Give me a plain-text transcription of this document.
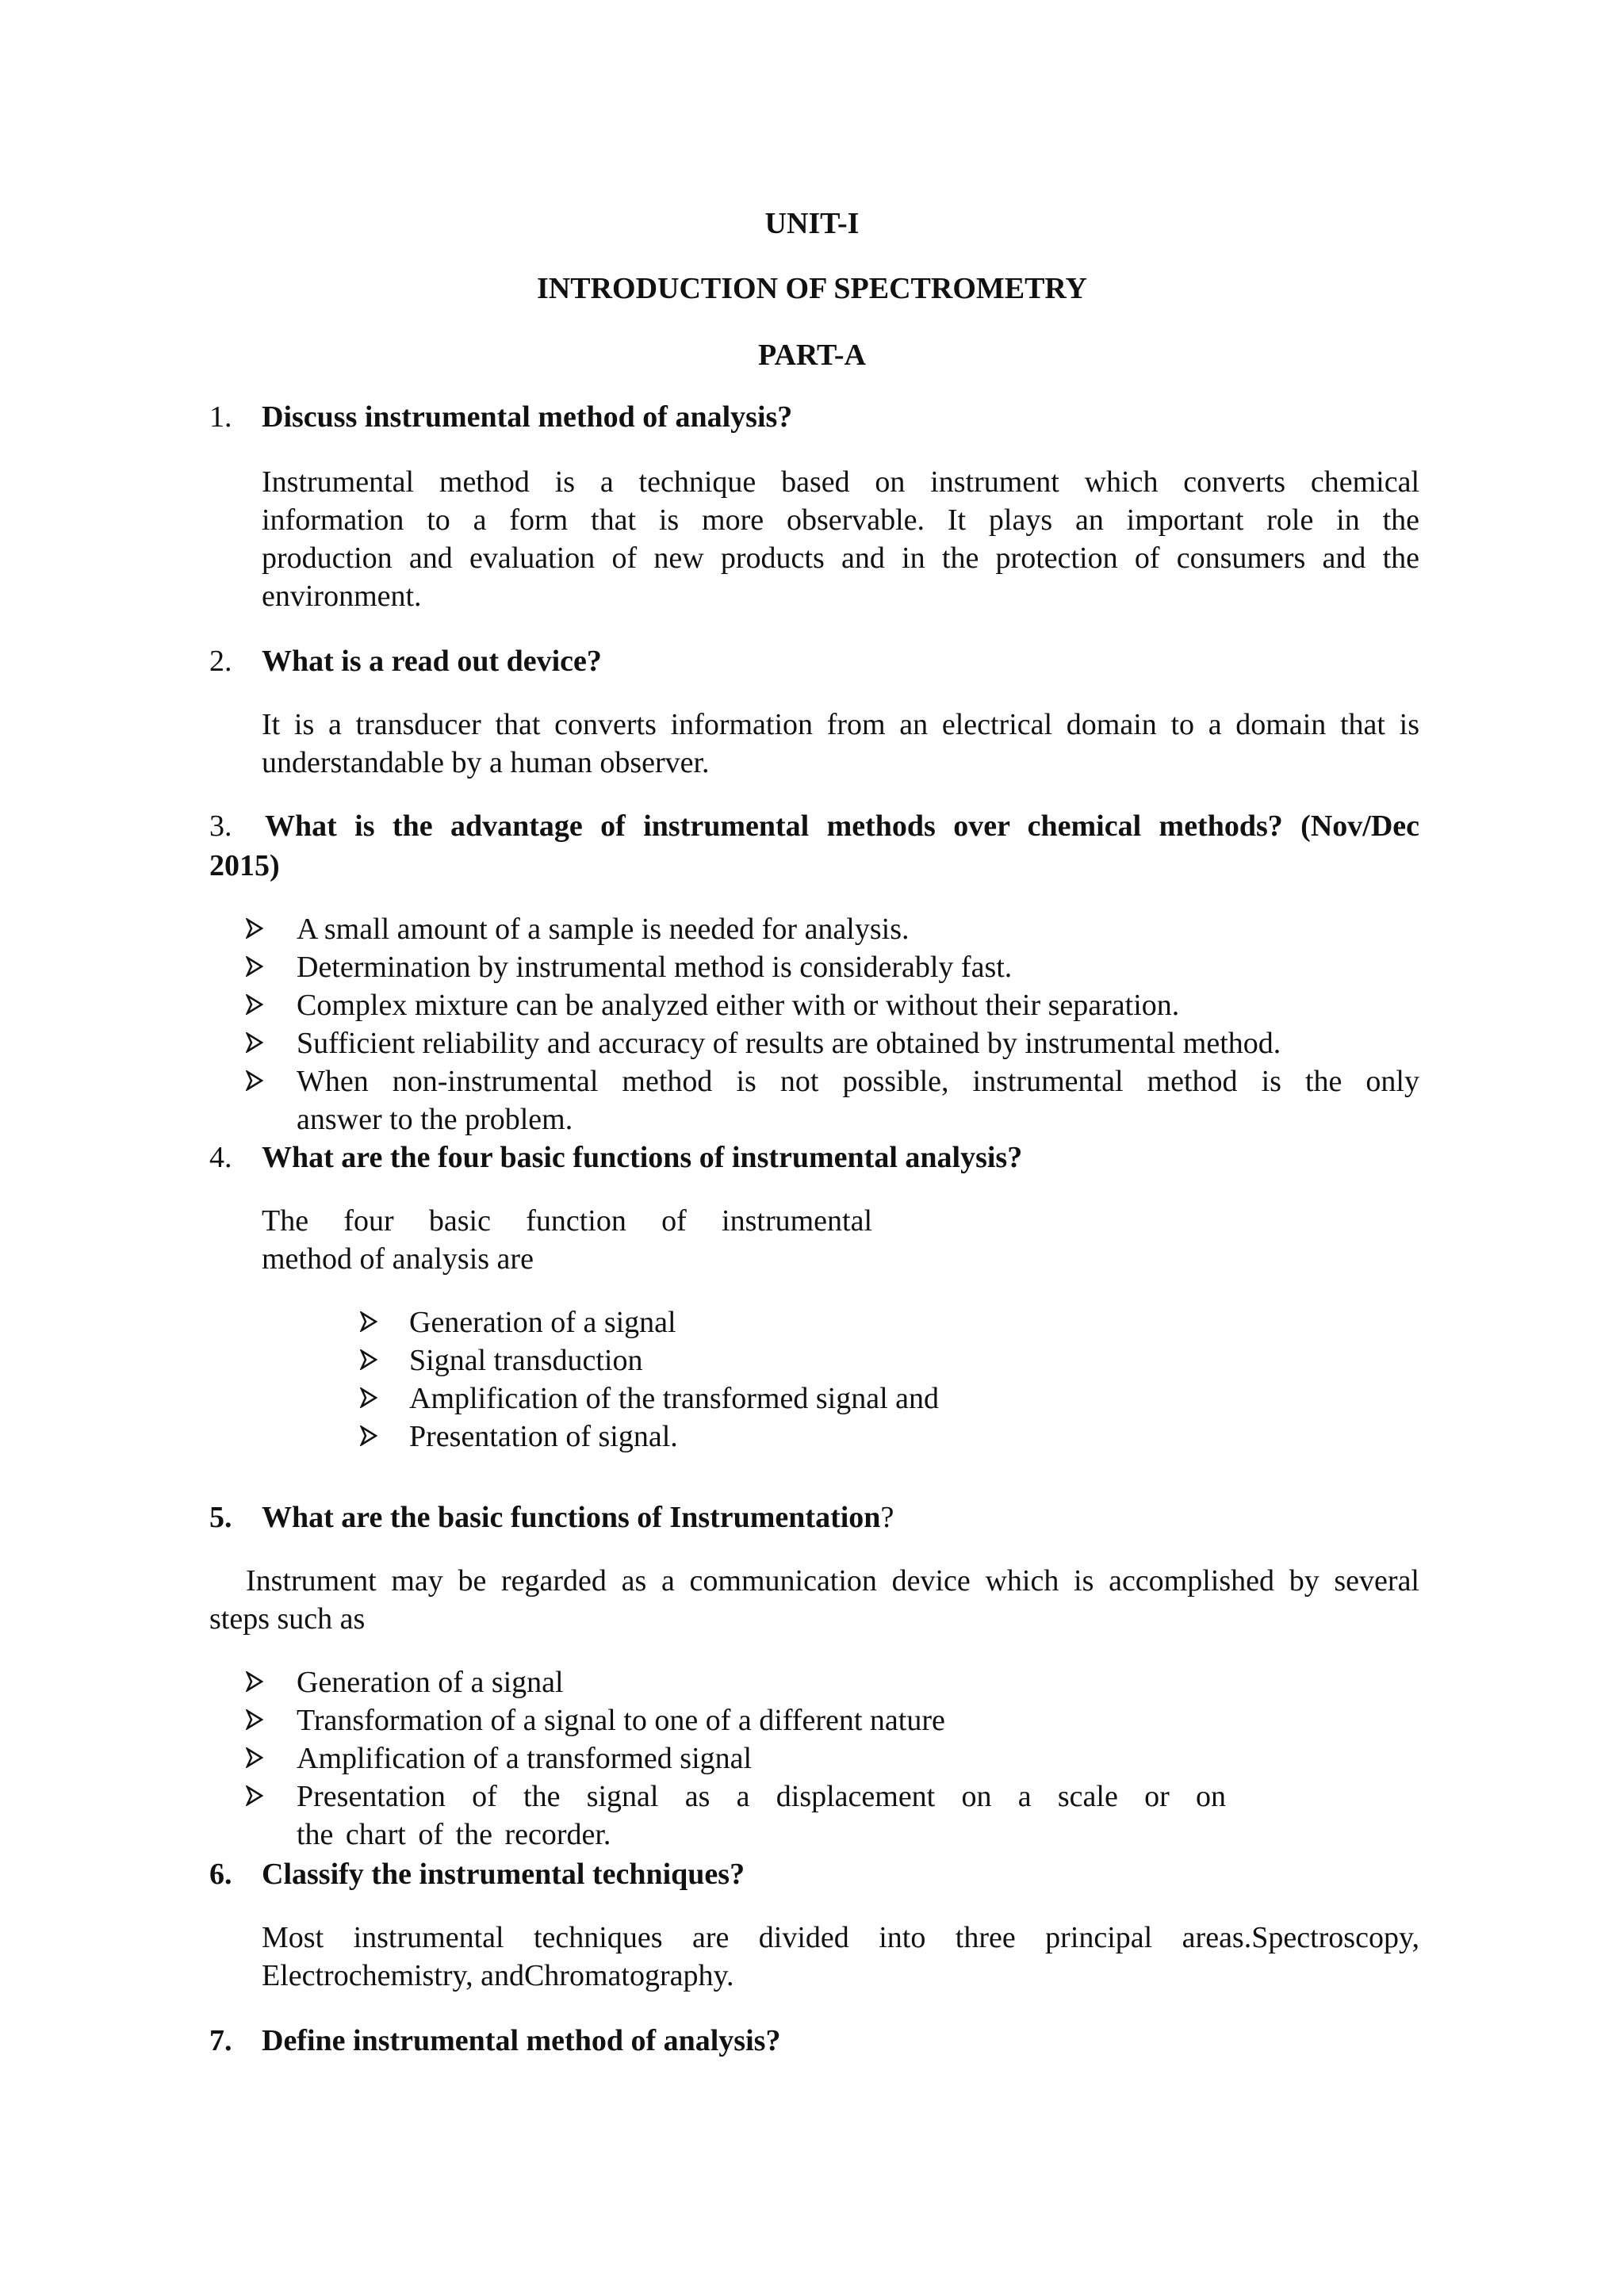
UNIT-I
INTRODUCTION OF SPECTROMETRY
PART-A
1. Discuss instrumental method of analysis?
Instrumental method is a technique based on instrument which converts chemical
information to a form that is more observable. It plays an important role in the
production and evaluation of new products and in the protection of consumers and the
environment.
2. What is a read out device?
It is a transducer that converts information from an electrical domain to a domain that is
understandable by a human observer.
3. What is the advantage of instrumental methods over chemical methods? (Nov/Dec
2015)
A small amount of a sample is needed for analysis.
Determination by instrumental method is considerably fast.
Complex mixture can be analyzed either with or without their separation.
Sufficient reliability and accuracy of results are obtained by instrumental method.
When non-instrumental method is not possible, instrumental method is the only
answer to the problem.
4. What are the four basic functions of instrumental analysis?
The four basic function of instrumental
method of analysis are
Generation of a signal
Signal transduction
Amplification of the transformed signal and
Presentation of signal.
5. What are the basic functions of Instrumentation?
Instrument may be regarded as a communication device which is accomplished by several
steps such as
Generation of a signal
Transformation of a signal to one of a different nature
Amplification of a transformed signal
Presentation of the signal as a displacement on a scale or on
the chart of the recorder.
6. Classify the instrumental techniques?
Most instrumental techniques are divided into three principal areas.Spectroscopy,
Electrochemistry, andChromatography.
7. Define instrumental method of analysis?
